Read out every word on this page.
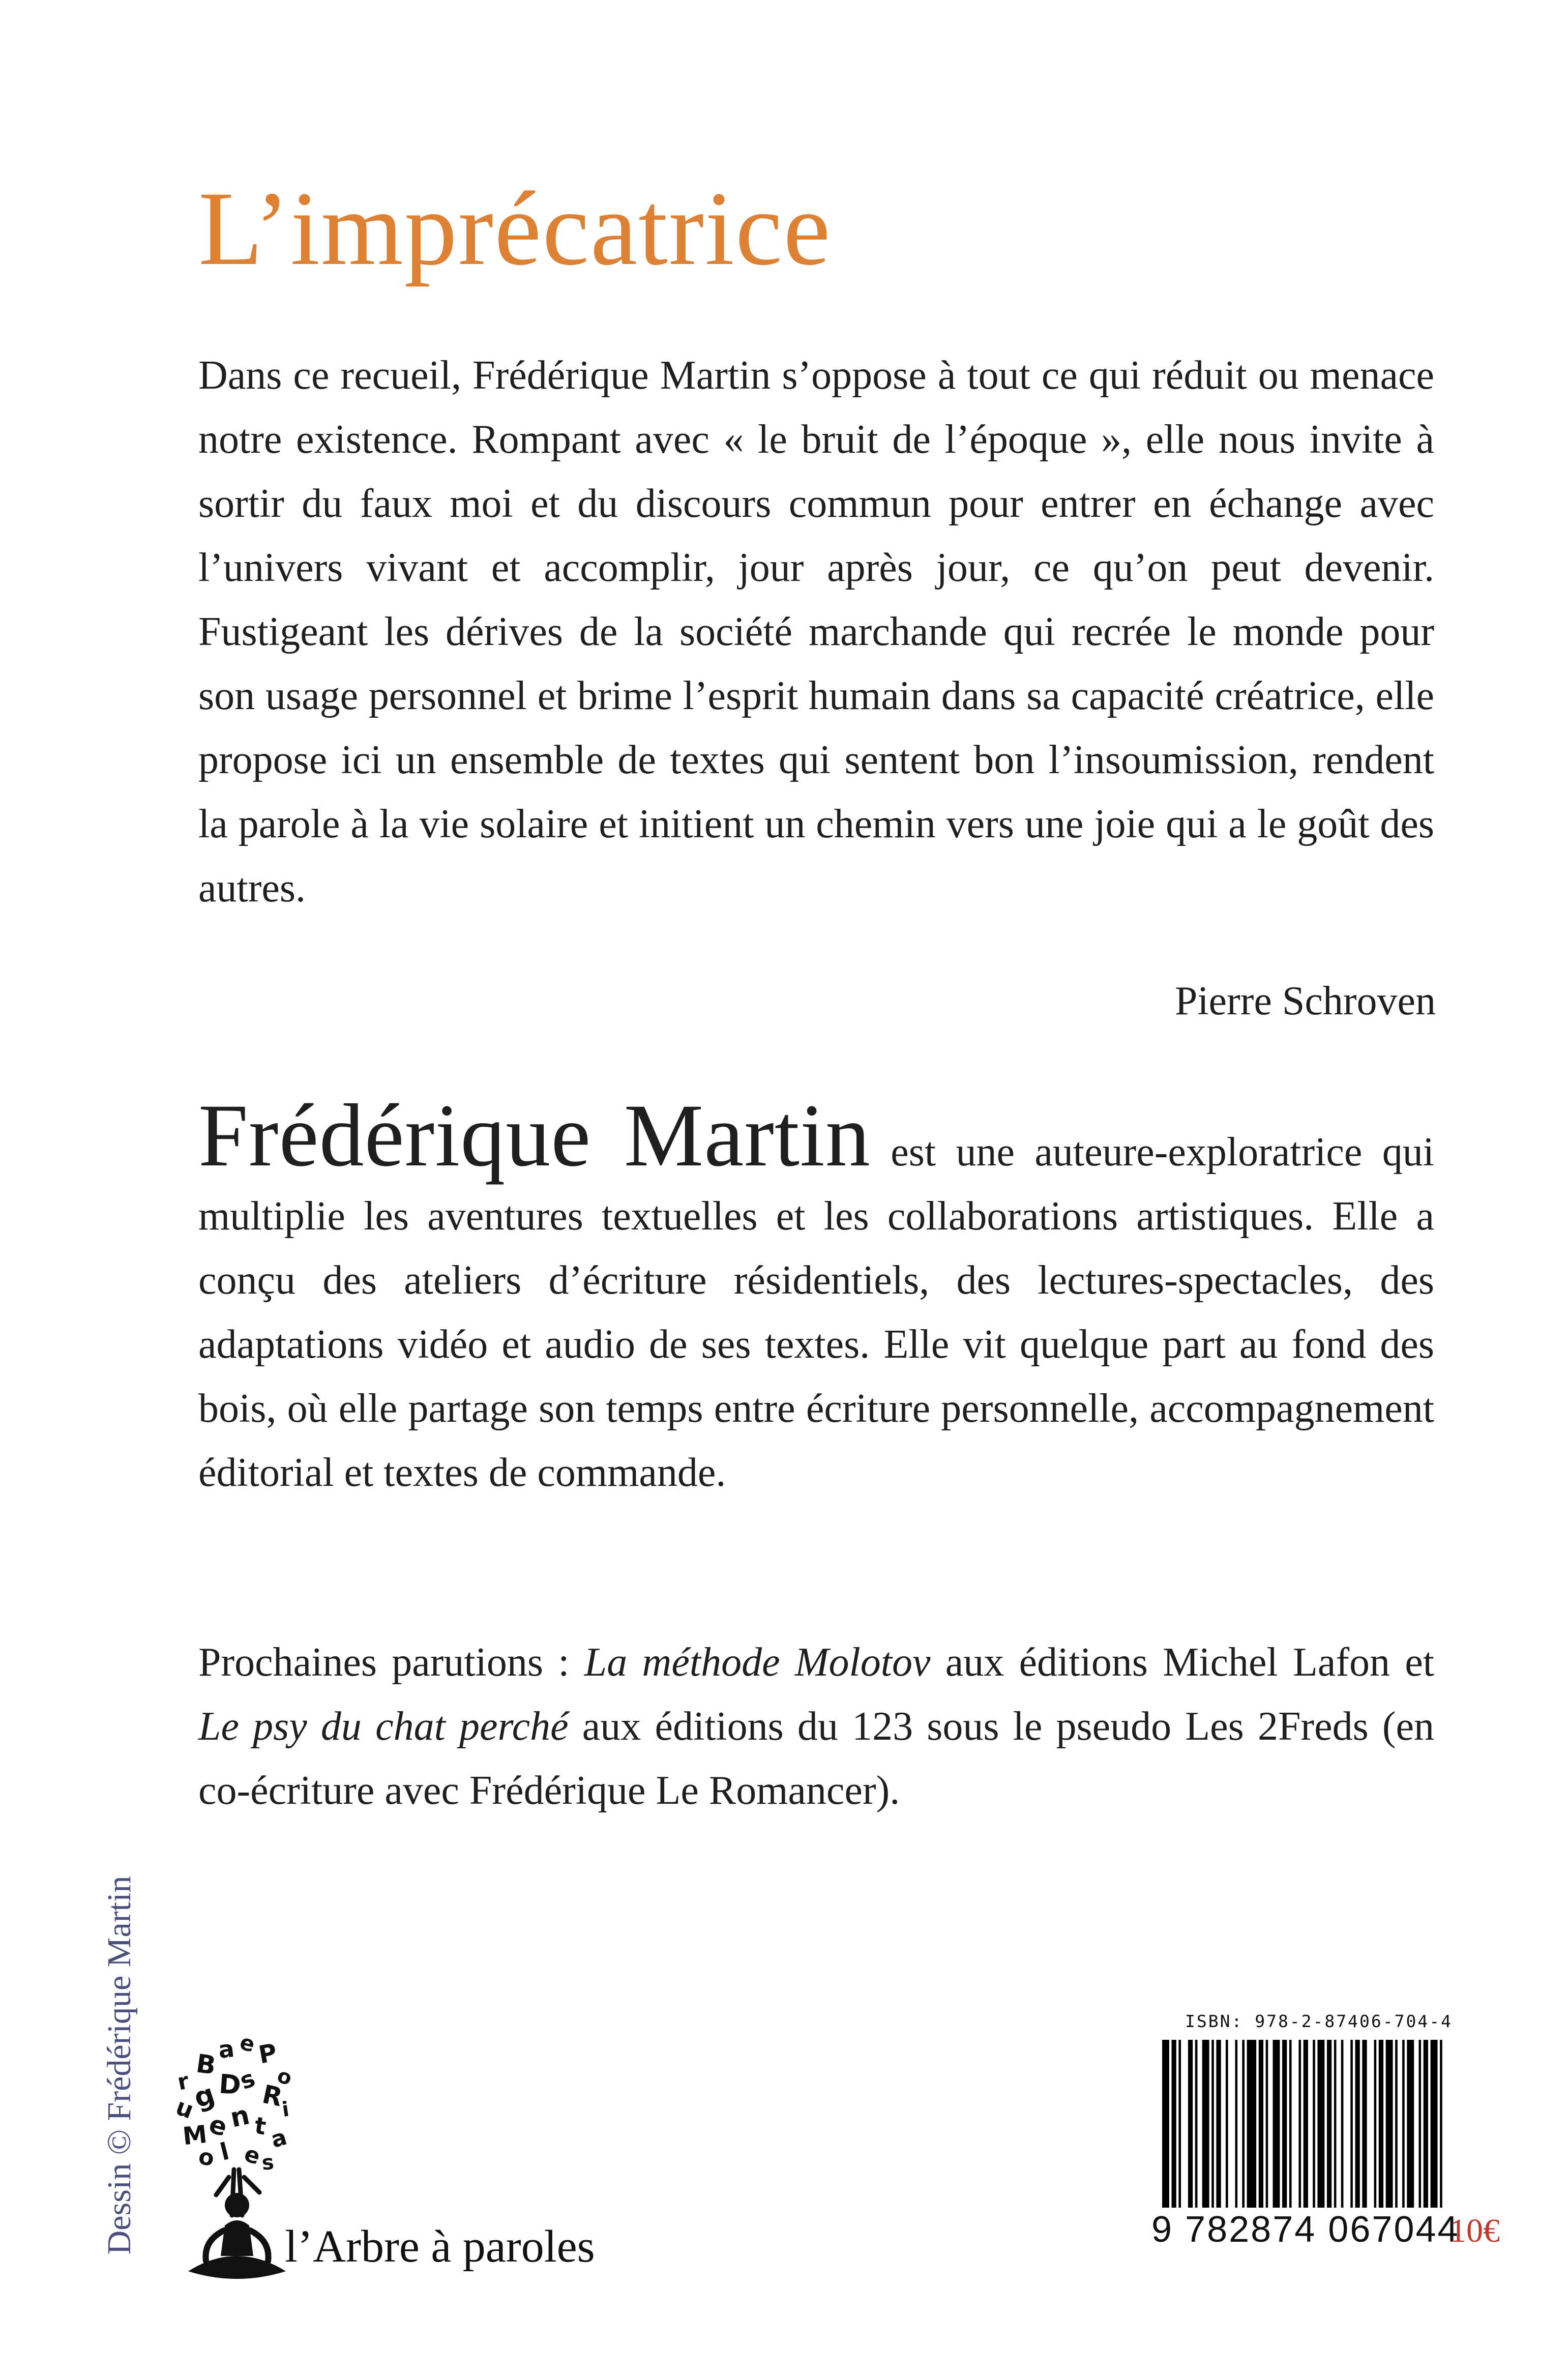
L’imprécatrice

Dans ce recueil, Frédérique Martin s’oppose à tout ce qui réduit ou menace notre existence. Rompant avec « le bruit de l’époque », elle nous invite à sortir du faux moi et du discours commun pour entrer en échange avec l’univers vivant et accomplir, jour après jour, ce qu’on peut devenir. Fustigeant les dérives de la société marchande qui recrée le monde pour son usage personnel et brime l’esprit humain dans sa capacité créatrice, elle propose ici un ensemble de textes qui sentent bon l’insoumission, rendent la parole à la vie solaire et initient un chemin vers une joie qui a le goût des autres.

Pierre Schroven

Frédérique Martin est une auteure-exploratrice qui multiplie les aventures textuelles et les collaborations artistiques. Elle a conçu des ateliers d’écriture résidentiels, des lectures-spectacles, des adaptations vidéo et audio de ses textes. Elle vit quelque part au fond des bois, où elle partage son temps entre écriture personnelle, accompagnement éditorial et textes de commande.

Prochaines parutions : La méthode Molotov aux éditions Michel Lafon et Le psy du chat perché aux éditions du 123 sous le pseudo Les 2Freds (en co-écriture avec Frédérique Le Romancer).

Dessin © Frédérique Martin r
B
a e
P
o
u
g
D
s R
i
M
e
n t a
o l e
s
l’Arbre à paroles
ISBN: 978-2-87406-704-4
9 782874 067044
10€
